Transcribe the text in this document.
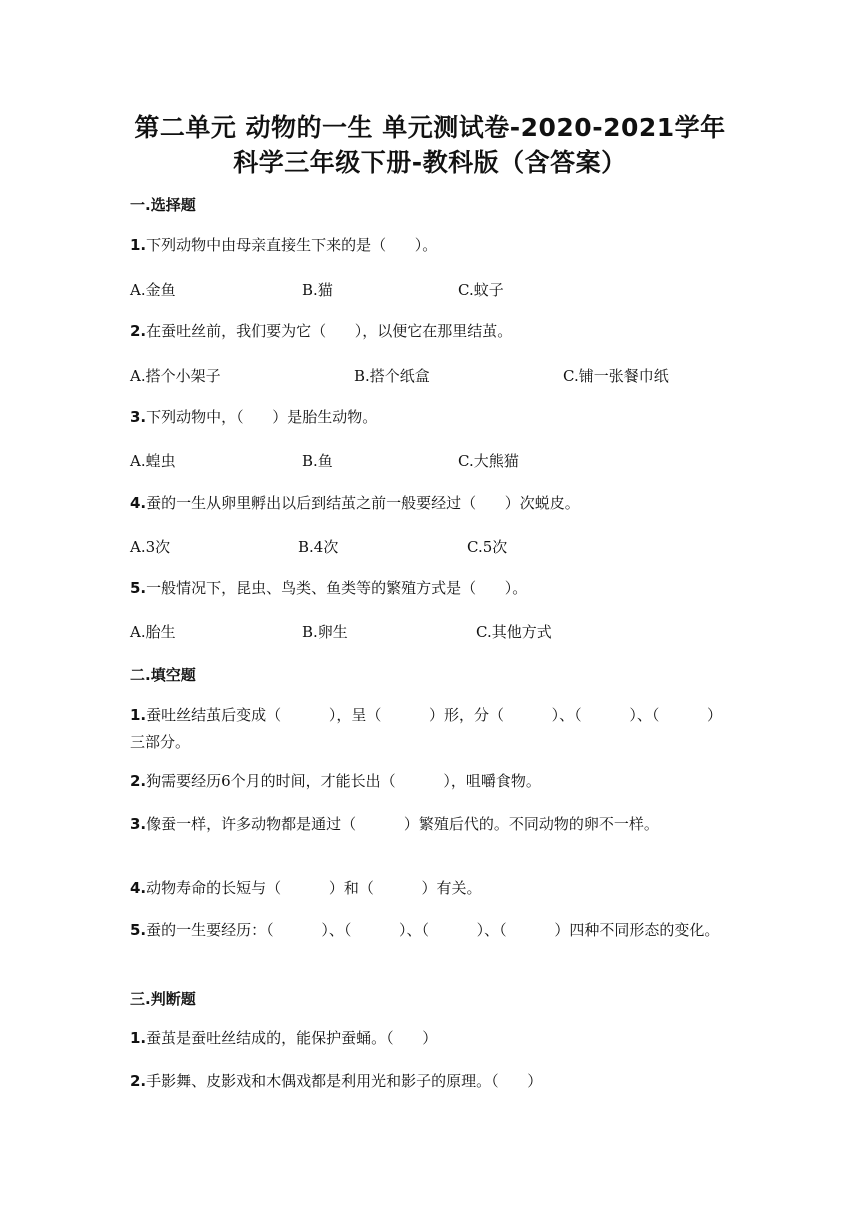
第二单元 动物的一生 单元测试卷-2020-2021学年
科学三年级下册-教科版（含答案）
一.选择题
1.下列动物中由母亲直接生下来的是（      ）。
A.金鱼	B.猫	C.蚊子
2.在蚕吐丝前，我们要为它（      ），以便它在那里结茧。
A.搭个小架子	B.搭个纸盒	C.铺一张餐巾纸
3.下列动物中，（      ）是胎生动物。
A.蝗虫	B.鱼	C.大熊猫
4.蚕的一生从卵里孵出以后到结茧之前一般要经过（      ）次蜕皮。
A.3次	B.4次	C.5次
5.一般情况下，昆虫、鸟类、鱼类等的繁殖方式是（      ）。
A.胎生	B.卵生	C.其他方式
二.填空题
1.蚕吐丝结茧后变成（          ），呈（          ）形，分（          ）、（          ）、（          ）三部分。
2.狗需要经历6个月的时间，才能长出（          ），咀嚼食物。
3.像蚕一样，许多动物都是通过（          ）繁殖后代的。不同动物的卵不一样。
4.动物寿命的长短与（          ）和（          ）有关。
5.蚕的一生要经历：（          ）、（          ）、（          ）、（          ）四种不同形态的变化。
三.判断题
1.蚕茧是蚕吐丝结成的，能保护蚕蛹。（      ）
2.手影舞、皮影戏和木偶戏都是利用光和影子的原理。（      ）
